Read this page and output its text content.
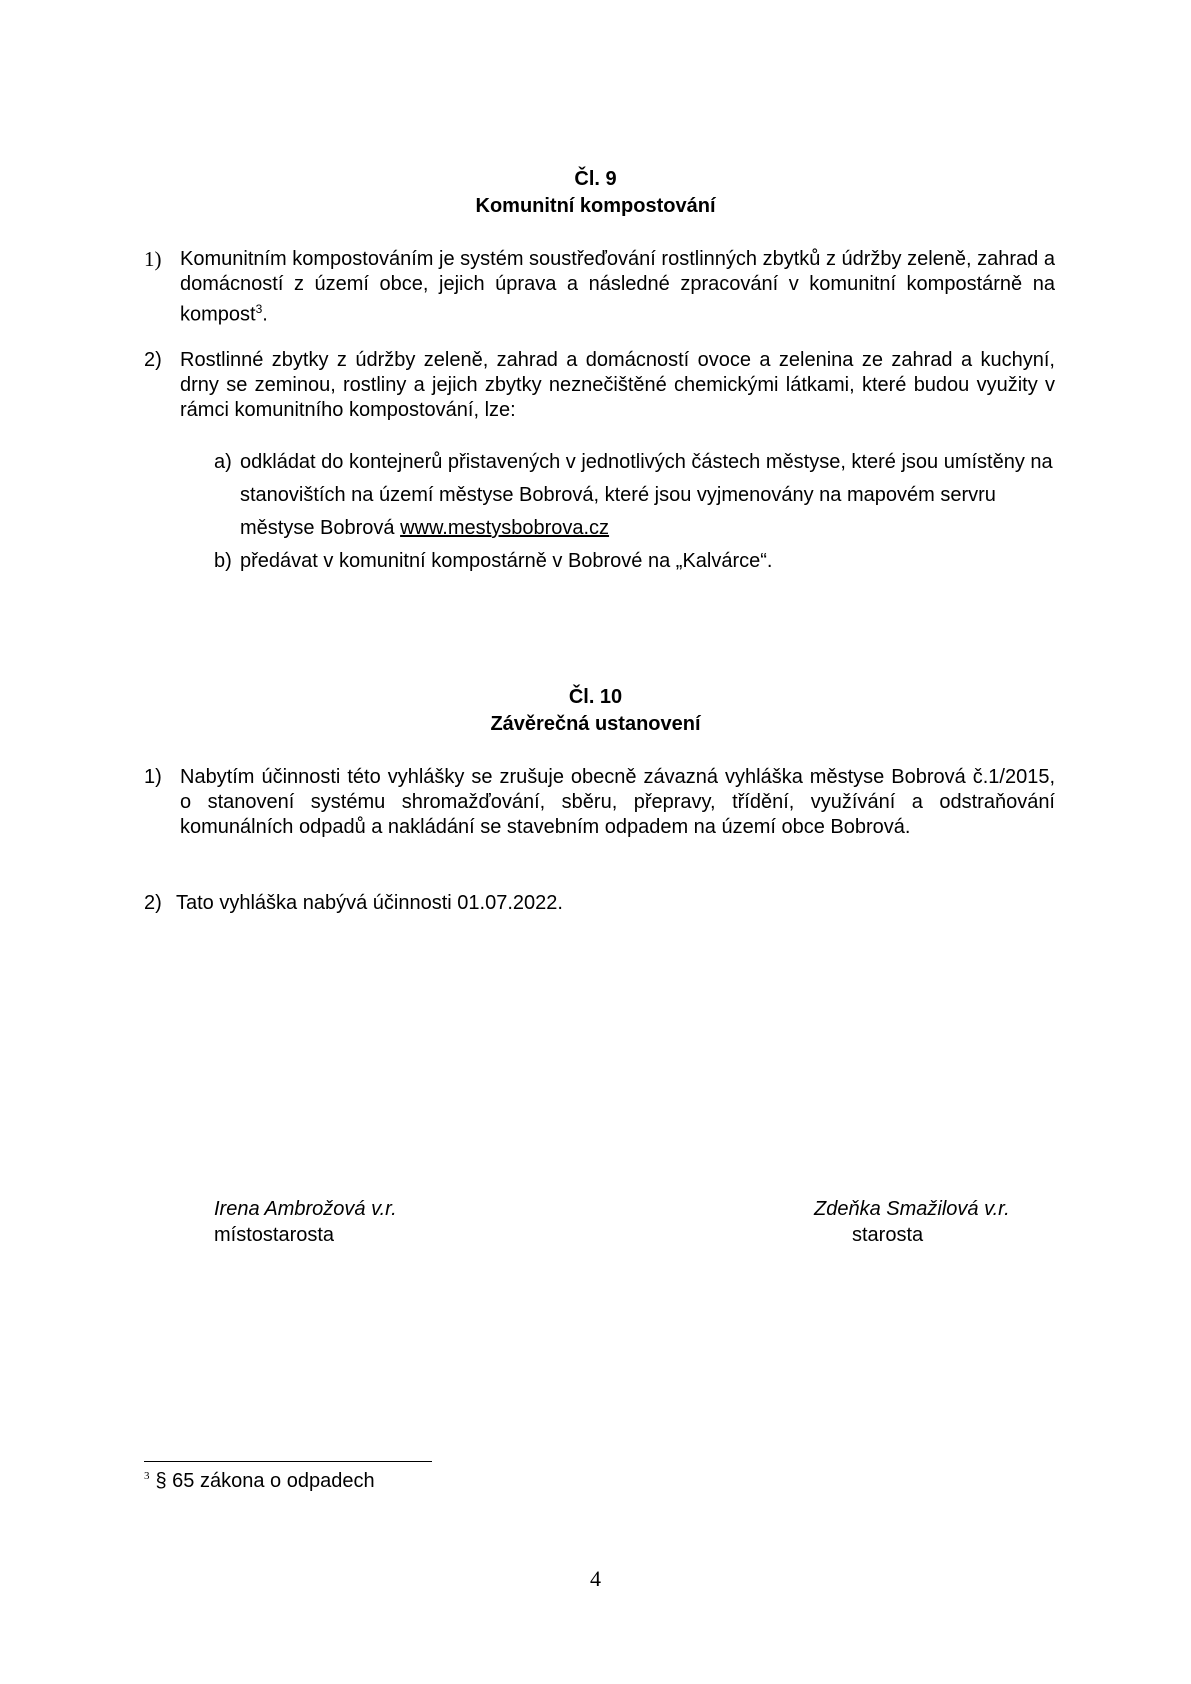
Čl. 9
Komunitní kompostování
1) Komunitním kompostováním je systém soustřeďování rostlinných zbytků z údržby zeleně, zahrad a domácností z území obce, jejich úprava a následné zpracování v komunitní kompostárně na kompost$^3$.
2) Rostlinné zbytky z údržby zeleně, zahrad a domácností ovoce a zelenina ze zahrad a kuchyní, drny se zeminou, rostliny a jejich zbytky neznečištěné chemickými látkami, které budou využity v rámci komunitního kompostování, lze:
a) odkládat do kontejnerů přistavených v jednotlivých částech městyse, které jsou umístěny na stanovištích na území městyse Bobrová, které jsou vyjmenovány na mapovém servru městyse Bobrová www.mestysbobrova.cz
b) předávat v komunitní kompostárně v Bobrové na „Kalvárce“.
Čl. 10
Závěrečná ustanovení
1) Nabytím účinnosti této vyhlášky se zrušuje obecně závazná vyhláška městyse Bobrová č.1/2015, o stanovení systému shromažďování, sběru, přepravy, třídění, využívání a odstraňování komunálních odpadů a nakládání se stavebním odpadem na území obce Bobrová.
2) Tato vyhláška nabývá účinnosti 01.07.2022.
Irena Ambrožová v.r.
místostarosta
Zdeňka Smažilová v.r.
starosta
$^3$ § 65 zákona o odpadech
4
